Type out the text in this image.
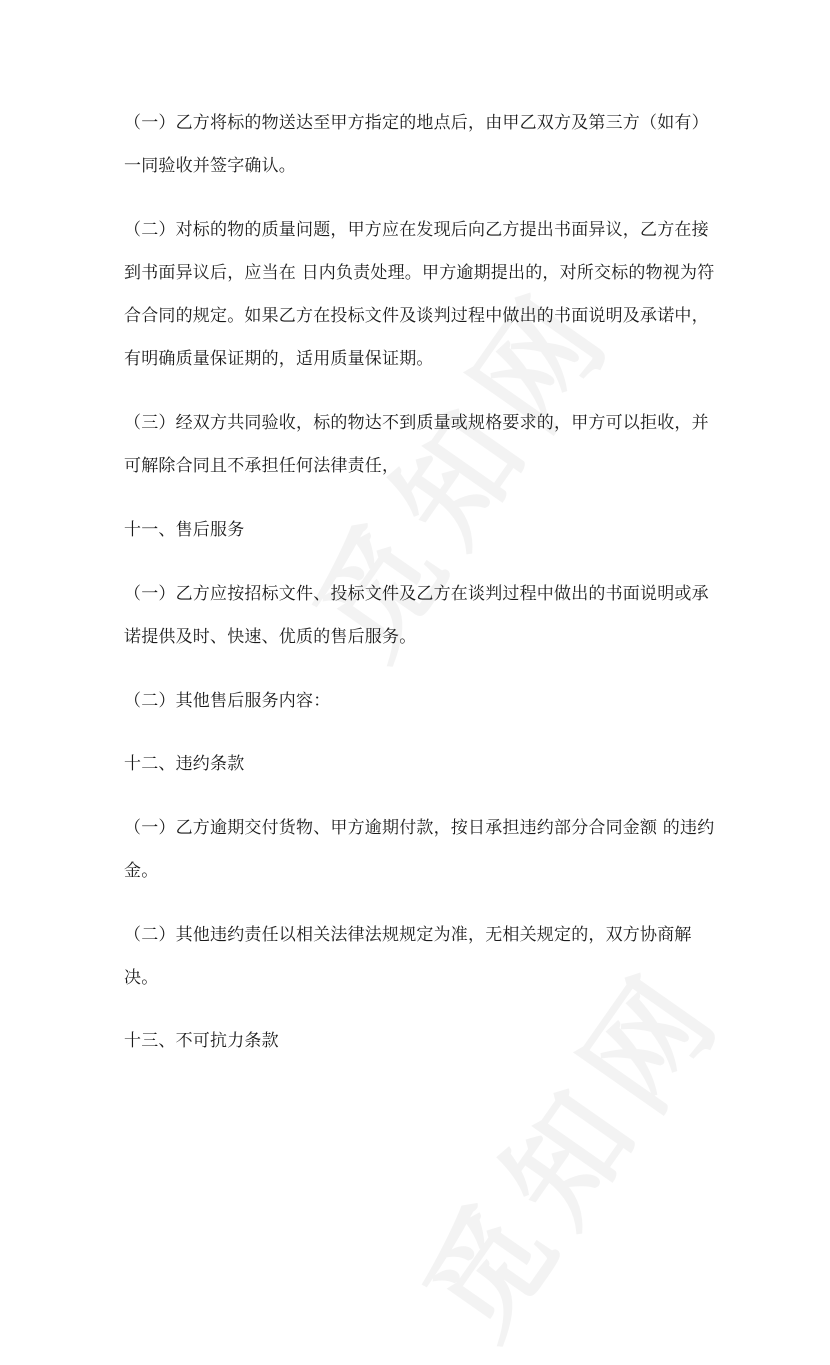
（一）乙方将标的物送达至甲方指定的地点后，由甲乙双方及第三方（如有）
一同验收并签字确认。
（二）对标的物的质量问题，甲方应在发现后向乙方提出书面异议，乙方在接
到书面异议后，应当在 日内负责处理。甲方逾期提出的，对所交标的物视为符
合合同的规定。如果乙方在投标文件及谈判过程中做出的书面说明及承诺中，
有明确质量保证期的，适用质量保证期。
（三）经双方共同验收，标的物达不到质量或规格要求的，甲方可以拒收，并
可解除合同且不承担任何法律责任，
十一、售后服务
（一）乙方应按招标文件、投标文件及乙方在谈判过程中做出的书面说明或承
诺提供及时、快速、优质的售后服务。
（二）其他售后服务内容：
十二、违约条款
（一）乙方逾期交付货物、甲方逾期付款，按日承担违约部分合同金额 的违约
金。
（二）其他违约责任以相关法律法规规定为准，无相关规定的，双方协商解
决。
十三、不可抗力条款
